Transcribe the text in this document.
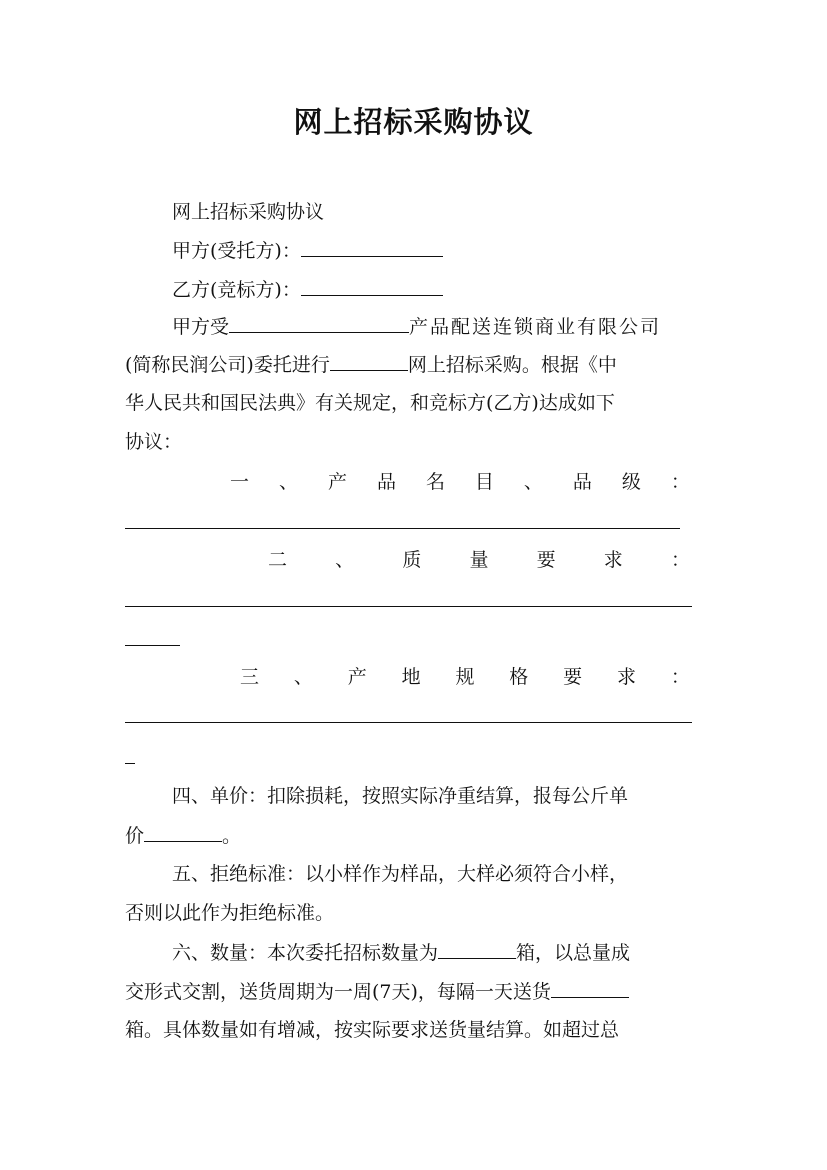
网上招标采购协议
网上招标采购协议
甲方(受托方)：
乙方(竞标方)：
甲方受	产品配送连锁商业有限公司
(简称民润公司)委托进行	网上招标采购。根据《中
华人民共和国民法典》有关规定，和竞标方(乙方)达成如下
协议：
一 、 产 品 名 目 、 品 级 ：
二	、	质	量	要	求	：
三 、 产 地 规 格 要 求 ：
四、单价：扣除损耗，按照实际净重结算，报每公斤单
价	。
五、拒绝标准：以小样作为样品，大样必须符合小样，
否则以此作为拒绝标准。
六、数量：本次委托招标数量为	箱，以总量成
交形式交割，送货周期为一周(7天)，每隔一天送货
箱。具体数量如有增减，按实际要求送货量结算。如超过总
